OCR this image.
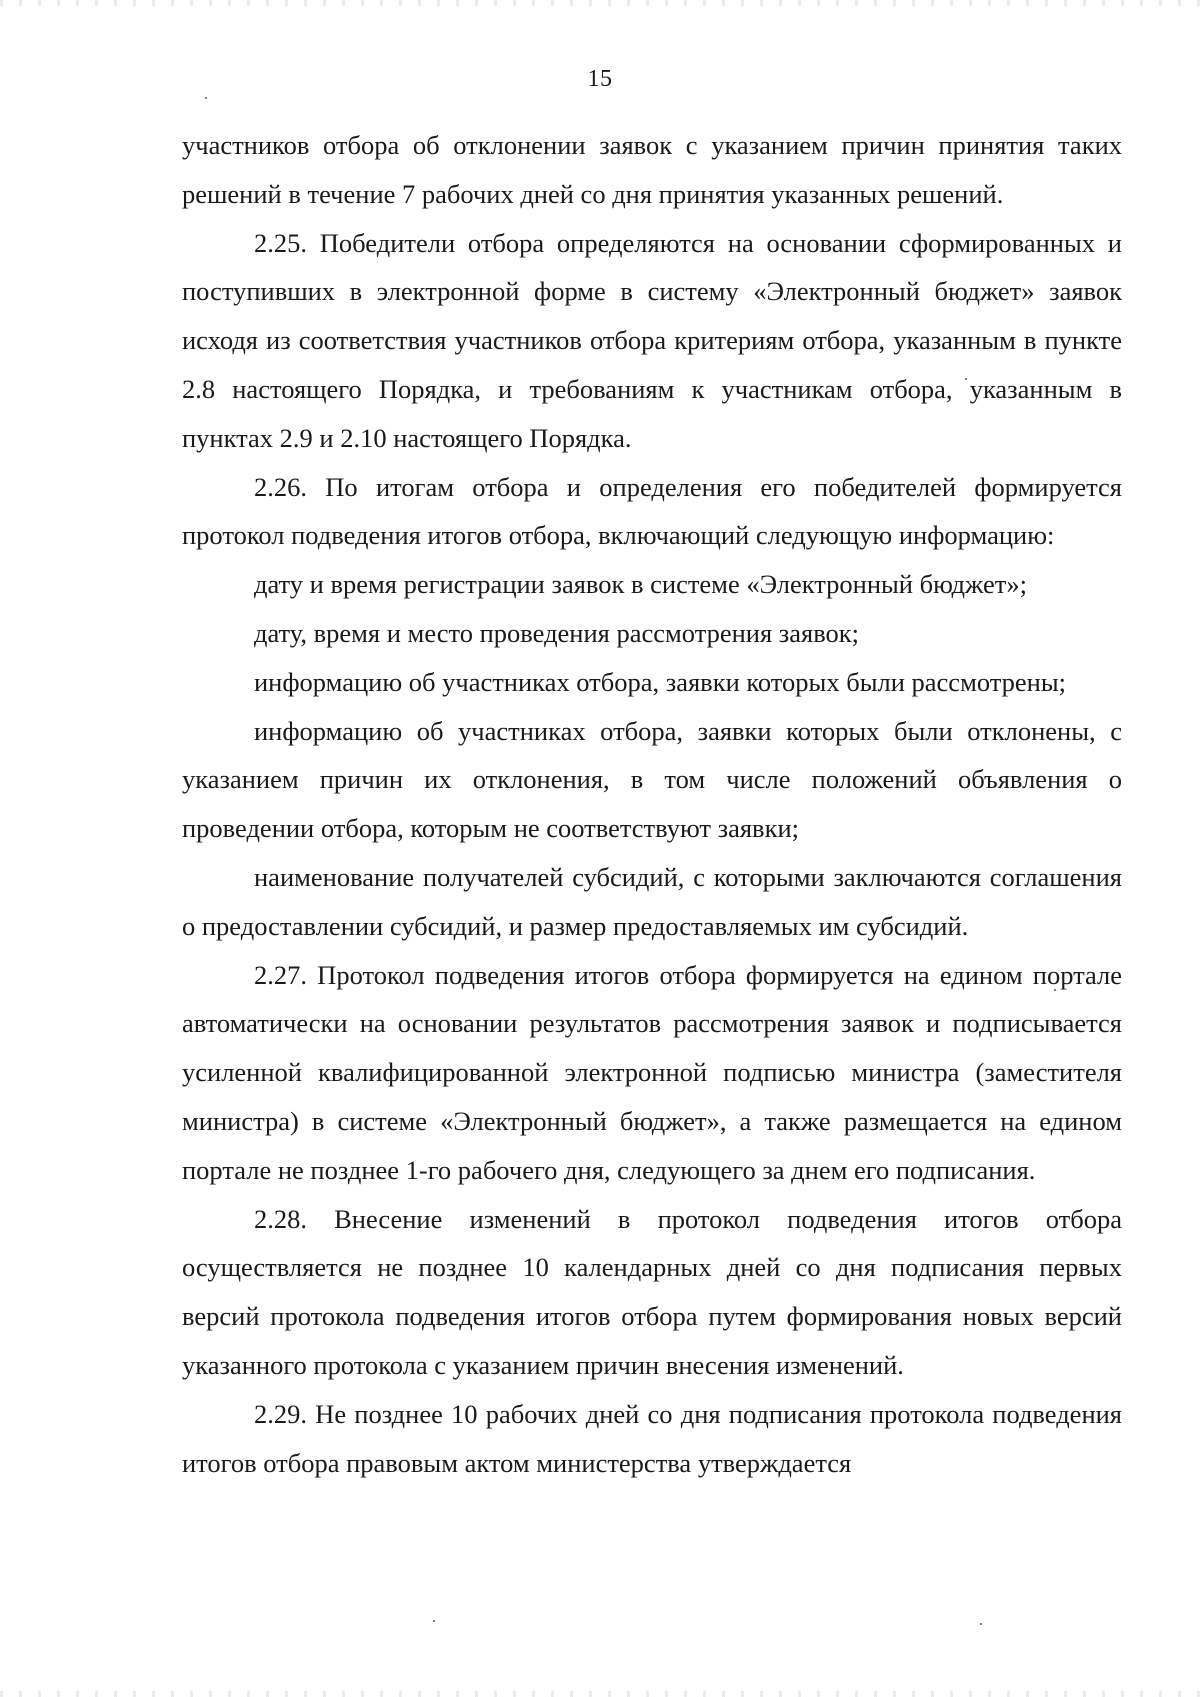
15

участников отбора об отклонении заявок с указанием причин принятия таких решений в течение 7 рабочих дней со дня принятия указанных решений.

2.25. Победители отбора определяются на основании сформированных и поступивших в электронной форме в систему «Электронный бюджет» заявок исходя из соответствия участников отбора критериям отбора, указанным в пункте 2.8 настоящего Порядка, и требованиям к участникам отбора, указанным в пунктах 2.9 и 2.10 настоящего Порядка.

2.26. По итогам отбора и определения его победителей формируется протокол подведения итогов отбора, включающий следующую информацию:

дату и время регистрации заявок в системе «Электронный бюджет»;

дату, время и место проведения рассмотрения заявок;

информацию об участниках отбора, заявки которых были рассмотрены;

информацию об участниках отбора, заявки которых были отклонены, с указанием причин их отклонения, в том числе положений объявления о проведении отбора, которым не соответствуют заявки;

наименование получателей субсидий, с которыми заключаются соглашения о предоставлении субсидий, и размер предоставляемых им субсидий.

2.27. Протокол подведения итогов отбора формируется на едином портале автоматически на основании результатов рассмотрения заявок и подписывается усиленной квалифицированной электронной подписью министра (заместителя министра) в системе «Электронный бюджет», а также размещается на едином портале не позднее 1-го рабочего дня, следующего за днем его подписания.

2.28. Внесение изменений в протокол подведения итогов отбора осуществляется не позднее 10 календарных дней со дня подписания первых версий протокола подведения итогов отбора путем формирования новых версий указанного протокола с указанием причин внесения изменений.

2.29. Не позднее 10 рабочих дней со дня подписания протокола подведения итогов отбора правовым актом министерства утверждается
